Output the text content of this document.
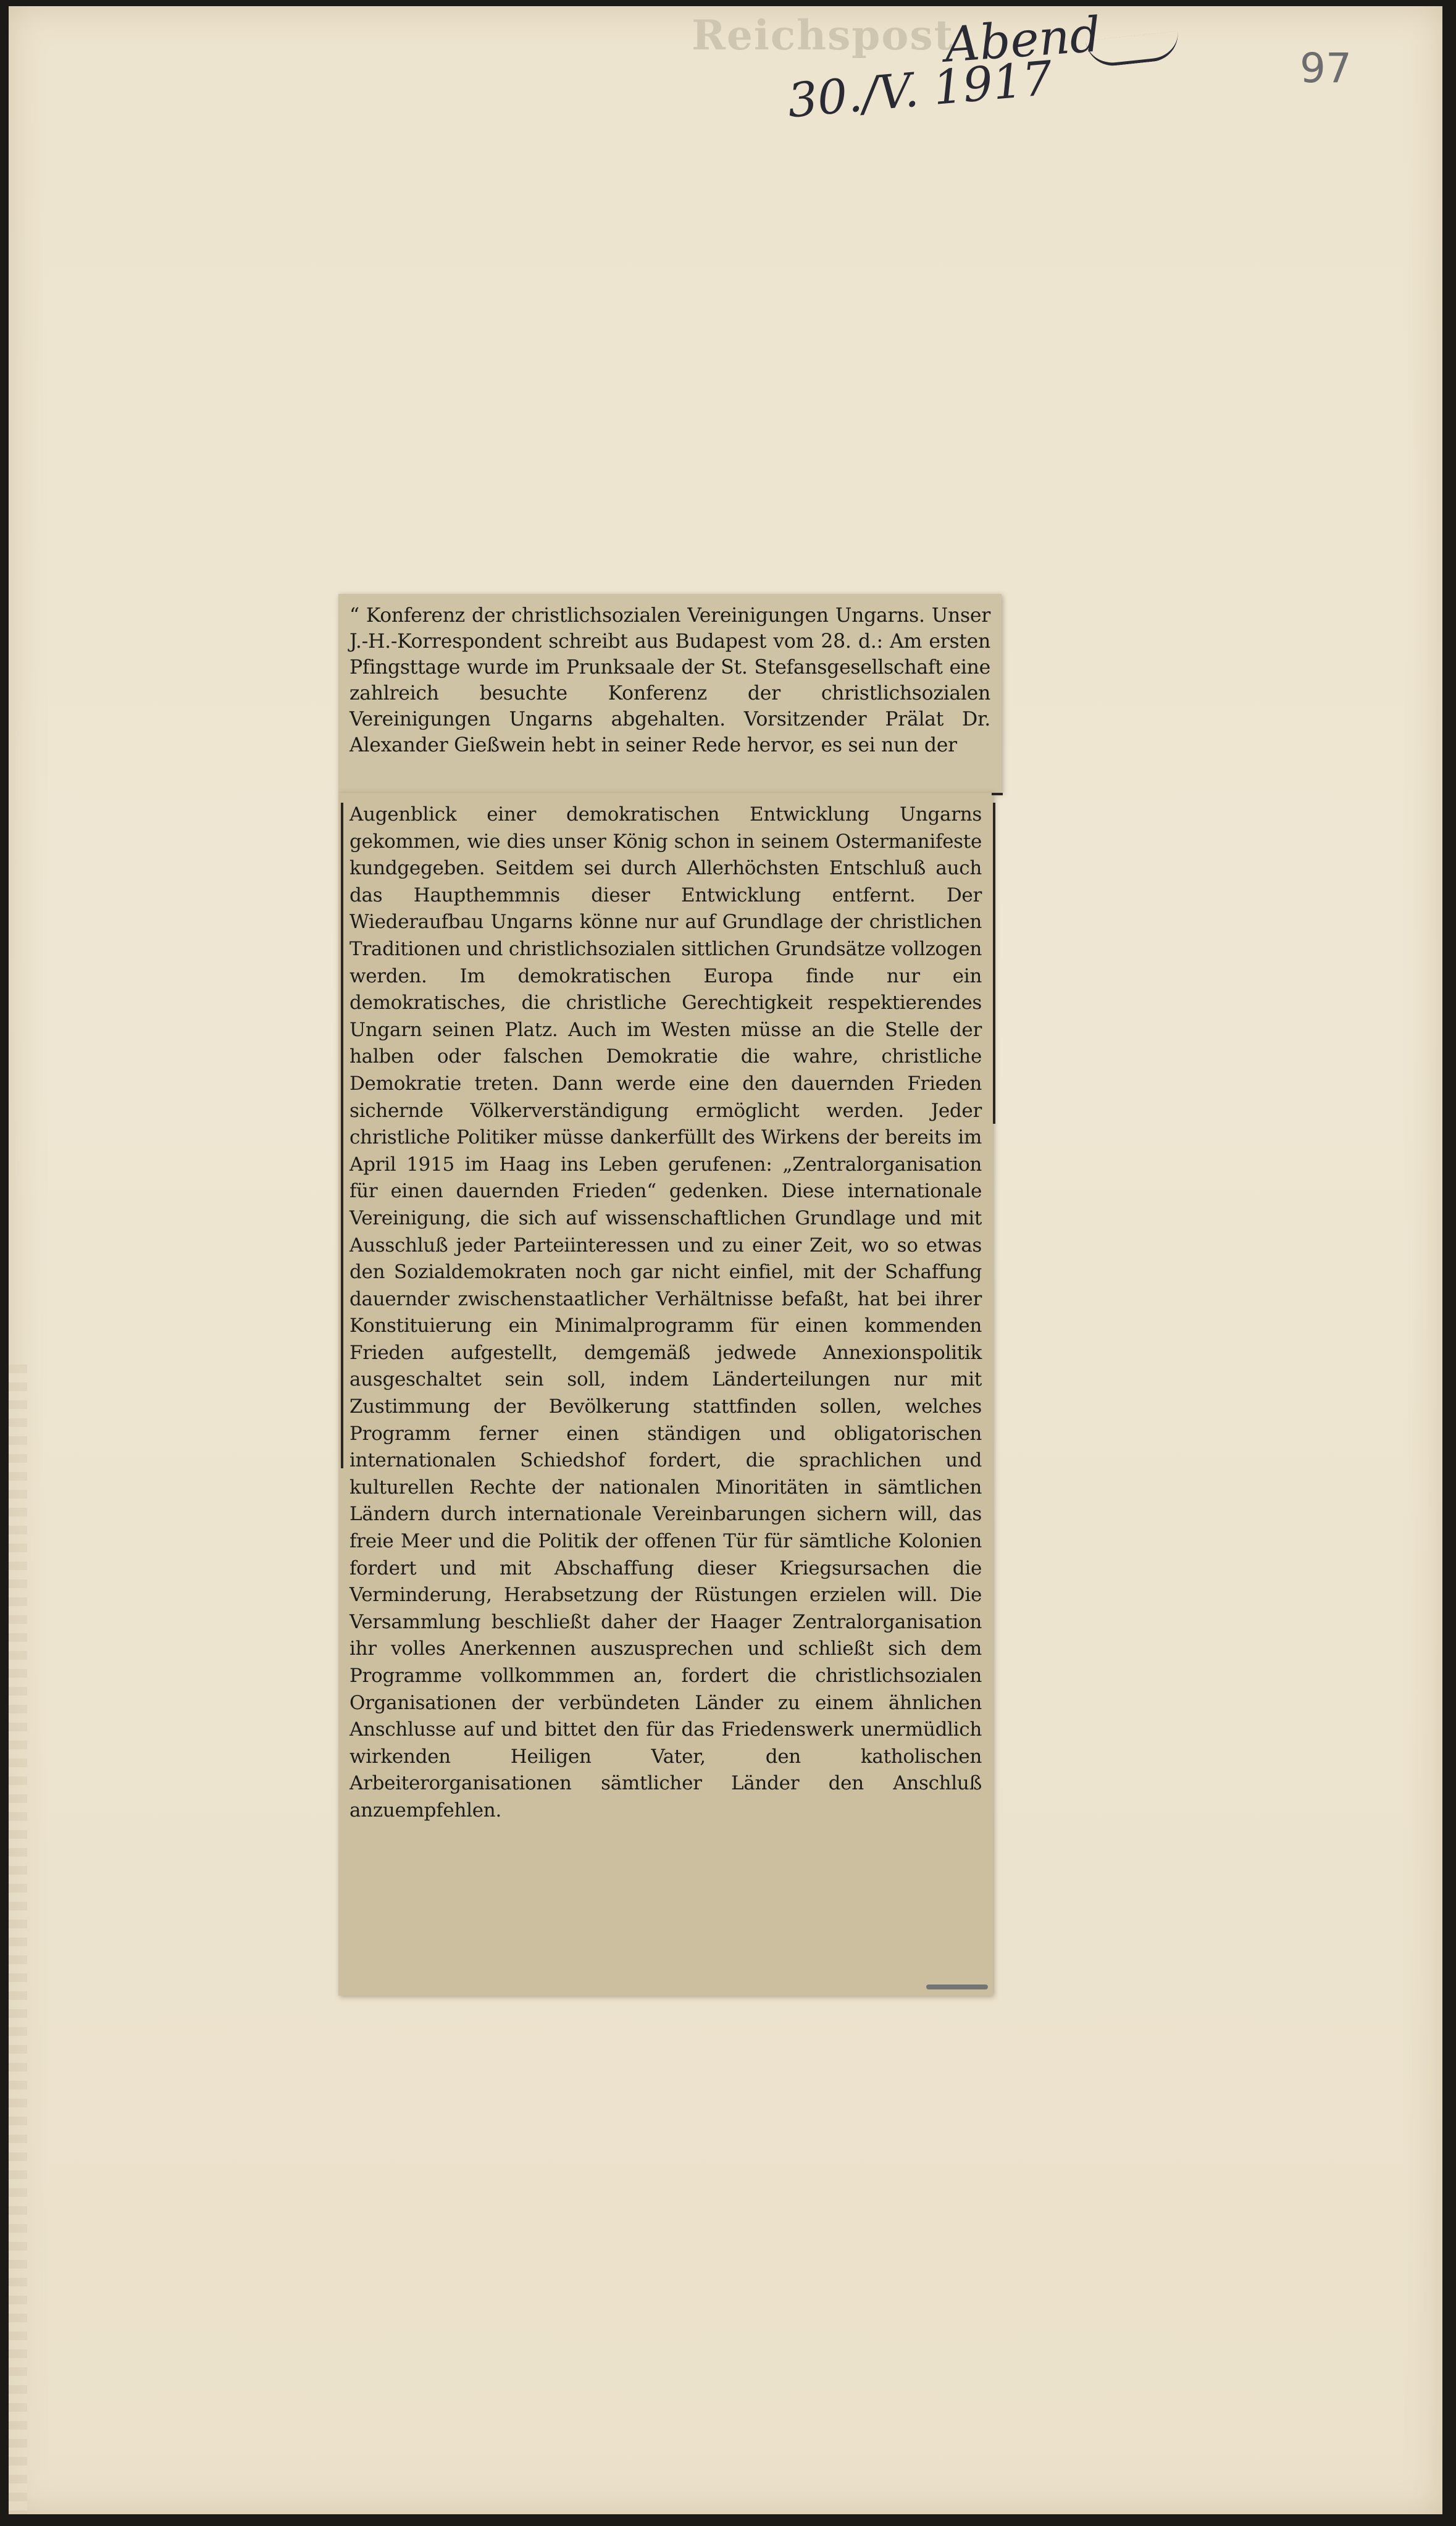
Reichspost
Abend
30./V. 1917	97
“ Konferenz der christlichsozialen Vereinigungen Ungarns. Unser J.-H.-Korrespondent schreibt aus Budapest vom 28. d.: Am ersten Pfingsttage wurde im Prunksaale der St. Stefansgesellschaft eine zahlreich besuchte Konferenz der christlichsozialen Vereinigungen Ungarns abgehalten. Vorsitzender Prälat Dr. Alexander Gießwein hebt in seiner Rede hervor, es sei nun der
Augenblick einer demokratischen Entwicklung Ungarns gekommen, wie dies unser König schon in seinem Ostermanifeste kundgegeben. Seitdem sei durch Allerhöchsten Entschluß auch das Haupthemmnis dieser Entwicklung entfernt. Der Wiederaufbau Ungarns könne nur auf Grundlage der christlichen Traditionen und christlichsozialen sittlichen Grundsätze vollzogen werden. Im demokratischen Europa finde nur ein demokratisches, die christliche Gerechtigkeit respektierendes Ungarn seinen Platz. Auch im Westen müsse an die Stelle der halben oder falschen Demokratie die wahre, christliche Demokratie treten. Dann werde eine den dauernden Frieden sichernde Völkerverständigung ermöglicht werden. Jeder christliche Politiker müsse dankerfüllt des Wirkens der bereits im April 1915 im Haag ins Leben gerufenen: „Zentralorganisation für einen dauernden Frieden“ gedenken. Diese internationale Vereinigung, die sich auf wissenschaftlichen Grundlage und mit Ausschluß jeder Parteiinteressen und zu einer Zeit, wo so etwas den Sozialdemokraten noch gar nicht einfiel, mit der Schaffung dauernder zwischenstaatlicher Verhältnisse befaßt, hat bei ihrer Konstituierung ein Minimalprogramm für einen kommenden Frieden aufgestellt, demgemäß jedwede Annexionspolitik ausgeschaltet sein soll, indem Länderteilungen nur mit Zustimmung der Bevölkerung stattfinden sollen, welches Programm ferner einen ständigen und obligatorischen internationalen Schiedshof fordert, die sprachlichen und kulturellen Rechte der nationalen Minoritäten in sämtlichen Ländern durch internationale Vereinbarungen sichern will, das freie Meer und die Politik der offenen Tür für sämtliche Kolonien fordert und mit Abschaffung dieser Kriegsursachen die Verminderung, Herabsetzung der Rüstungen erzielen will. Die Versammlung beschließt daher der Haager Zentralorganisation ihr volles Anerkennen auszusprechen und schließt sich dem Programme vollkommmen an, fordert die christlichsozialen Organisationen der verbündeten Länder zu einem ähnlichen Anschlusse auf und bittet den für das Friedenswerk unermüdlich wirkenden Heiligen Vater, den katholischen Arbeiterorganisationen sämtlicher Länder den Anschluß anzuempfehlen.
